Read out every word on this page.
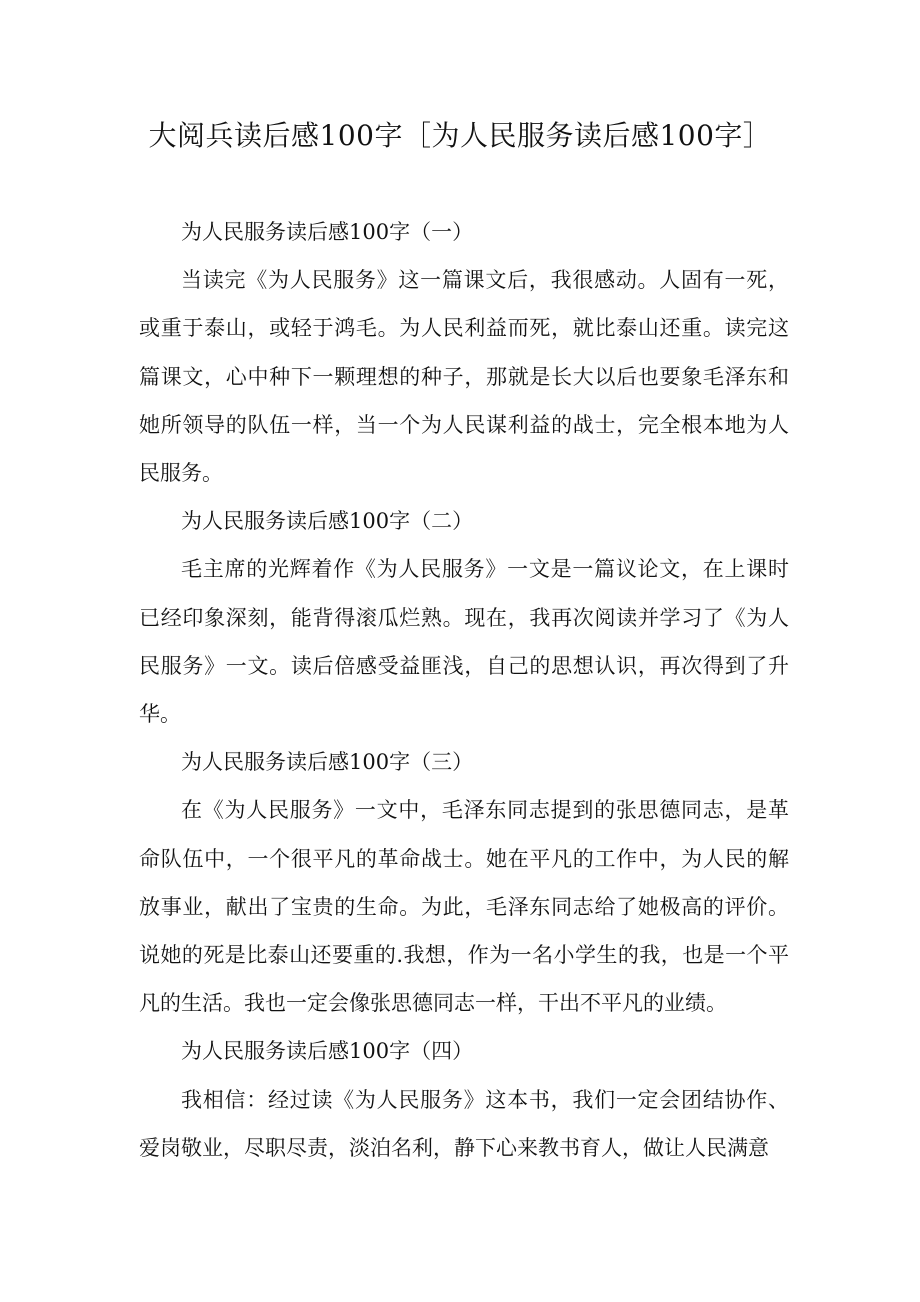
大阅兵读后感100字［为人民服务读后感100字］

为人民服务读后感100字（一）

当读完《为人民服务》这一篇课文后，我很感动。人固有一死，或重于泰山，或轻于鸿毛。为人民利益而死，就比泰山还重。读完这篇课文，心中种下一颗理想的种子，那就是长大以后也要象毛泽东和她所领导的队伍一样，当一个为人民谋利益的战士，完全根本地为人民服务。

为人民服务读后感100字（二）

毛主席的光辉着作《为人民服务》一文是一篇议论文，在上课时已经印象深刻，能背得滚瓜烂熟。现在，我再次阅读并学习了《为人民服务》一文。读后倍感受益匪浅，自己的思想认识，再次得到了升华。

为人民服务读后感100字（三）

在《为人民服务》一文中，毛泽东同志提到的张思德同志，是革命队伍中，一个很平凡的革命战士。她在平凡的工作中，为人民的解放事业，献出了宝贵的生命。为此，毛泽东同志给了她极高的评价。说她的死是比泰山还要重的.我想，作为一名小学生的我，也是一个平凡的生活。我也一定会像张思德同志一样，干出不平凡的业绩。

为人民服务读后感100字（四）

我相信：经过读《为人民服务》这本书，我们一定会团结协作、爱岗敬业，尽职尽责，淡泊名利，静下心来教书育人，做让人民满意
